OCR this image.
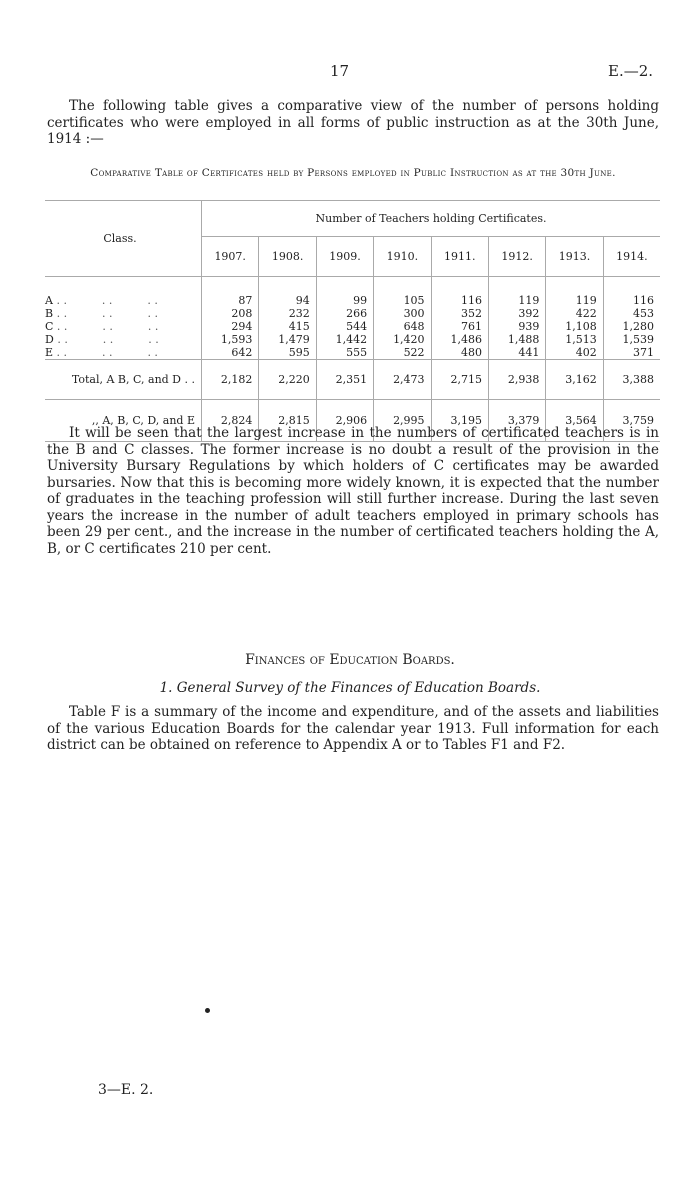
17	E.—2.
The following table gives a comparative view of the number of persons holding certificates who were employed in all forms of public instruction as at the 30th June, 1914 :—
Comparative Table of Certificates held by Persons employed in Public Instruction as at the 30th June.
Class.	Number of Teachers holding Certificates.							
	1907.	1908.	1909.	1910.	1911.	1912.	1913.	1914.
A . .          . .          . .	87	94	99	105	116	119	119	116
B . .          . .          . .	208	232	266	300	352	392	422	453
C . .          . .          . .	294	415	544	648	761	939	1,108	1,280
D . .          . .          . .	1,593	1,479	1,442	1,420	1,486	1,488	1,513	1,539
E . .          . .          . .	642	595	555	522	480	441	402	371
Total, A B, C, and D . .	2,182	2,220	2,351	2,473	2,715	2,938	3,162	3,388
,, A, B, C, D, and E	2,824	2,815	2,906	2,995	3,195	3,379	3,564	3,759

It will be seen that the largest increase in the numbers of certificated teachers is in the B and C classes. The former increase is no doubt a result of the provision in the University Bursary Regulations by which holders of C certificates may be awarded bursaries. Now that this is becoming more widely known, it is expected that the number of graduates in the teaching profession will still further increase. During the last seven years the increase in the number of adult teachers employed in primary schools has been 29 per cent., and the increase in the number of certificated teachers holding the A, B, or C certificates 210 per cent.
Finances of Education Boards.
1. General Survey of the Finances of Education Boards.
Table F is a summary of the income and expenditure, and of the assets and liabilities of the various Education Boards for the calendar year 1913. Full information for each district can be obtained on reference to Appendix A or to Tables F1 and F2.
3—E. 2.
